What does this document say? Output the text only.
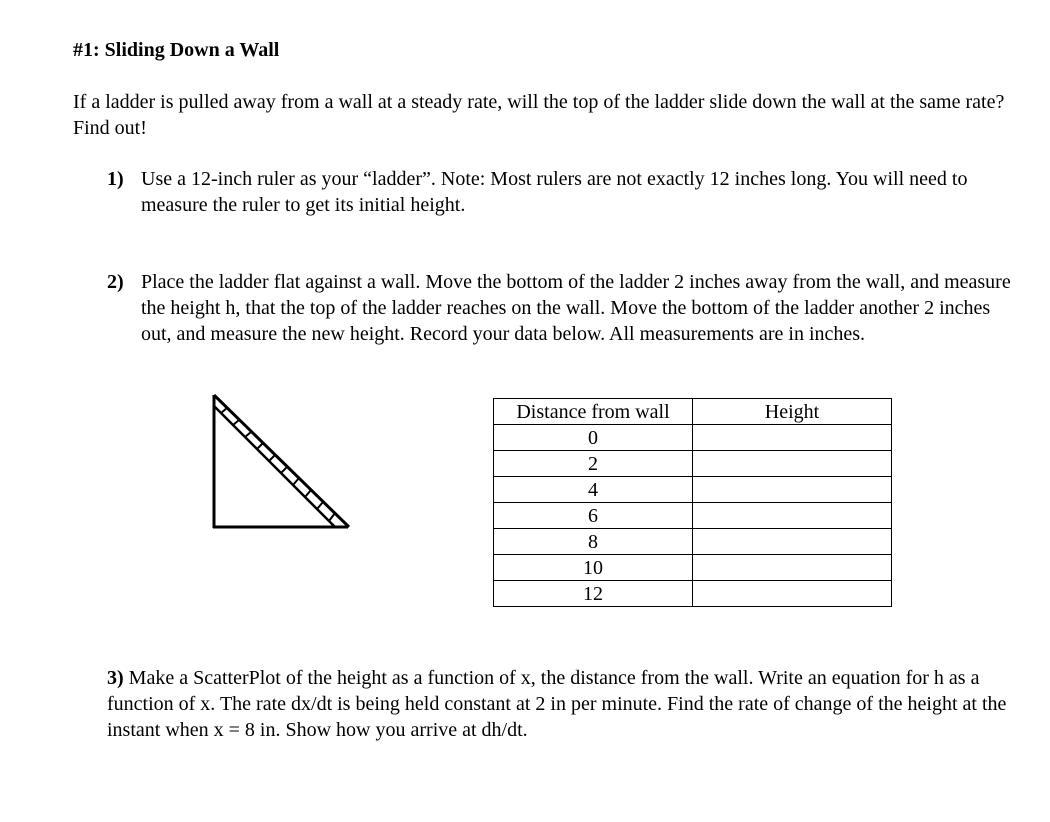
#1: Sliding Down a Wall
If a ladder is pulled away from a wall at a steady rate, will the top of the ladder slide down the wall at the same rate? Find out!
1) Use a 12-inch ruler as your “ladder”. Note: Most rulers are not exactly 12 inches long. You will need to measure the ruler to get its initial height.
2) Place the ladder flat against a wall. Move the bottom of the ladder 2 inches away from the wall, and measure the height h, that the top of the ladder reaches on the wall. Move the bottom of the ladder another 2 inches out, and measure the new height. Record your data below. All measurements are in inches.
Distance from wall	Height
0	
2	
4	
6	
8	
10	
12	
3) Make a ScatterPlot of the height as a function of x, the distance from the wall. Write an equation for h as a function of x. The rate dx/dt is being held constant at 2 in per minute. Find the rate of change of the height at the instant when x = 8 in. Show how you arrive at dh/dt.
